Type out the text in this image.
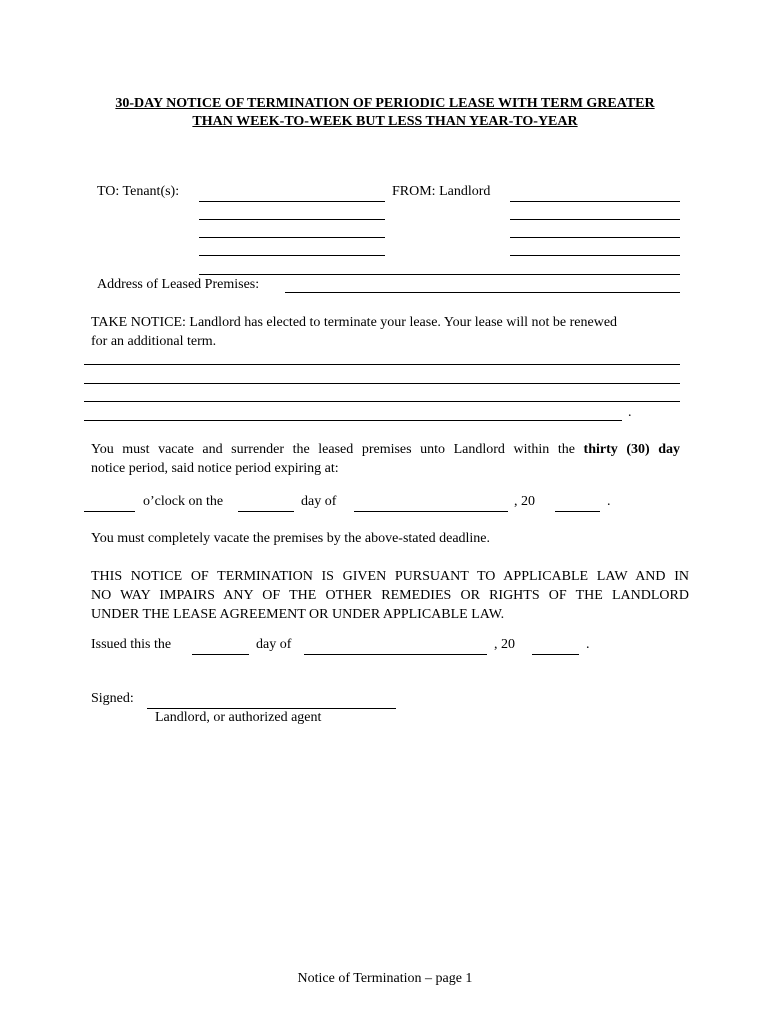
30-DAY NOTICE OF TERMINATION OF PERIODIC LEASE WITH TERM GREATER
THAN WEEK-TO-WEEK BUT LESS THAN YEAR-TO-YEAR
TO: Tenant(s):	FROM: Landlord
Address of Leased Premises:
TAKE NOTICE: Landlord has elected to terminate your lease. Your lease will not be renewed
for an additional term.
.
You must vacate and surrender the leased premises unto Landlord within the thirty (30) day
notice period, said notice period expiring at:
o’clock on the	day of	, 20	.
You must completely vacate the premises by the above-stated deadline.
THIS NOTICE OF TERMINATION IS GIVEN PURSUANT TO APPLICABLE LAW AND IN
NO WAY IMPAIRS ANY OF THE OTHER REMEDIES OR RIGHTS OF THE LANDLORD
UNDER THE LEASE AGREEMENT OR UNDER APPLICABLE LAW.
Issued this the	day of	, 20	.
Signed:
Landlord, or authorized agent
Notice of Termination – page 1
